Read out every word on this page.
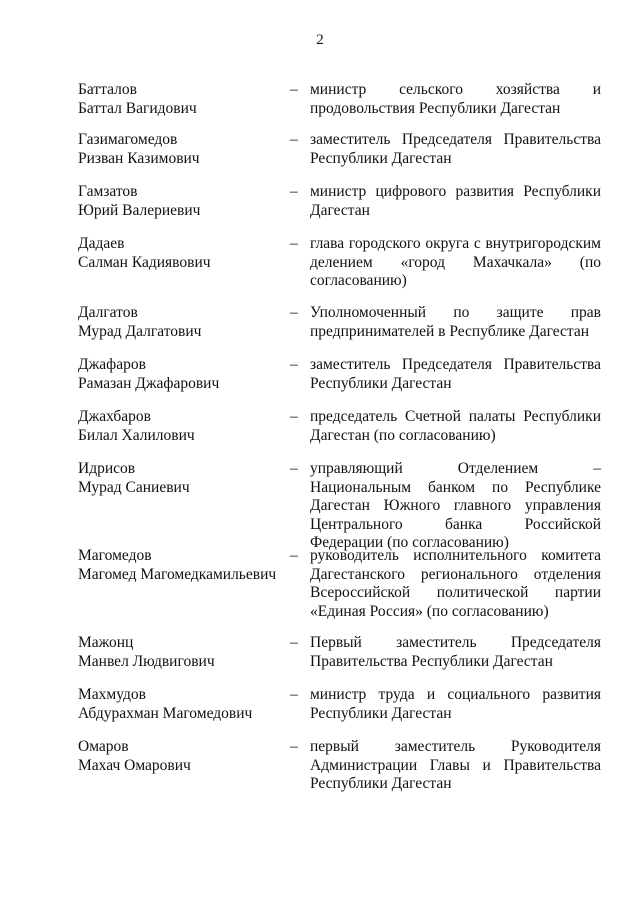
2
Батталов
Баттал Вагидович
– министр сельского хозяйства и продовольствия Республики Дагестан
Газимагомедов
Ризван Казимович
– заместитель Председателя Правительства Республики Дагестан
Гамзатов
Юрий Валериевич
– министр цифрового развития Республики Дагестан
Дадаев
Салман Кадиявович
– глава городского округа с внутригородским делением «город Махачкала» (по согласованию)
Далгатов
Мурад Далгатович
– Уполномоченный по защите прав предпринимателей в Республике Дагестан
Джафаров
Рамазан Джафарович
– заместитель Председателя Правительства Республики Дагестан
Джахбаров
Билал Халилович
– председатель Счетной палаты Республики Дагестан (по согласованию)
Идрисов
Мурад Саниевич
– управляющий Отделением – Национальным банком по Республике Дагестан Южного главного управления Центрального банка Российской Федерации (по согласованию)
Магомедов
Магомед Магомедкамильевич
– руководитель исполнительного комитета Дагестанского регионального отделения Всероссийской политической партии «Единая Россия» (по согласованию)
Мажонц
Манвел Людвигович
– Первый заместитель Председателя Правительства Республики Дагестан
Махмудов
Абдурахман Магомедович
– министр труда и социального развития Республики Дагестан
Омаров
Махач Омарович
– первый заместитель Руководителя Администрации Главы и Правительства Республики Дагестан
